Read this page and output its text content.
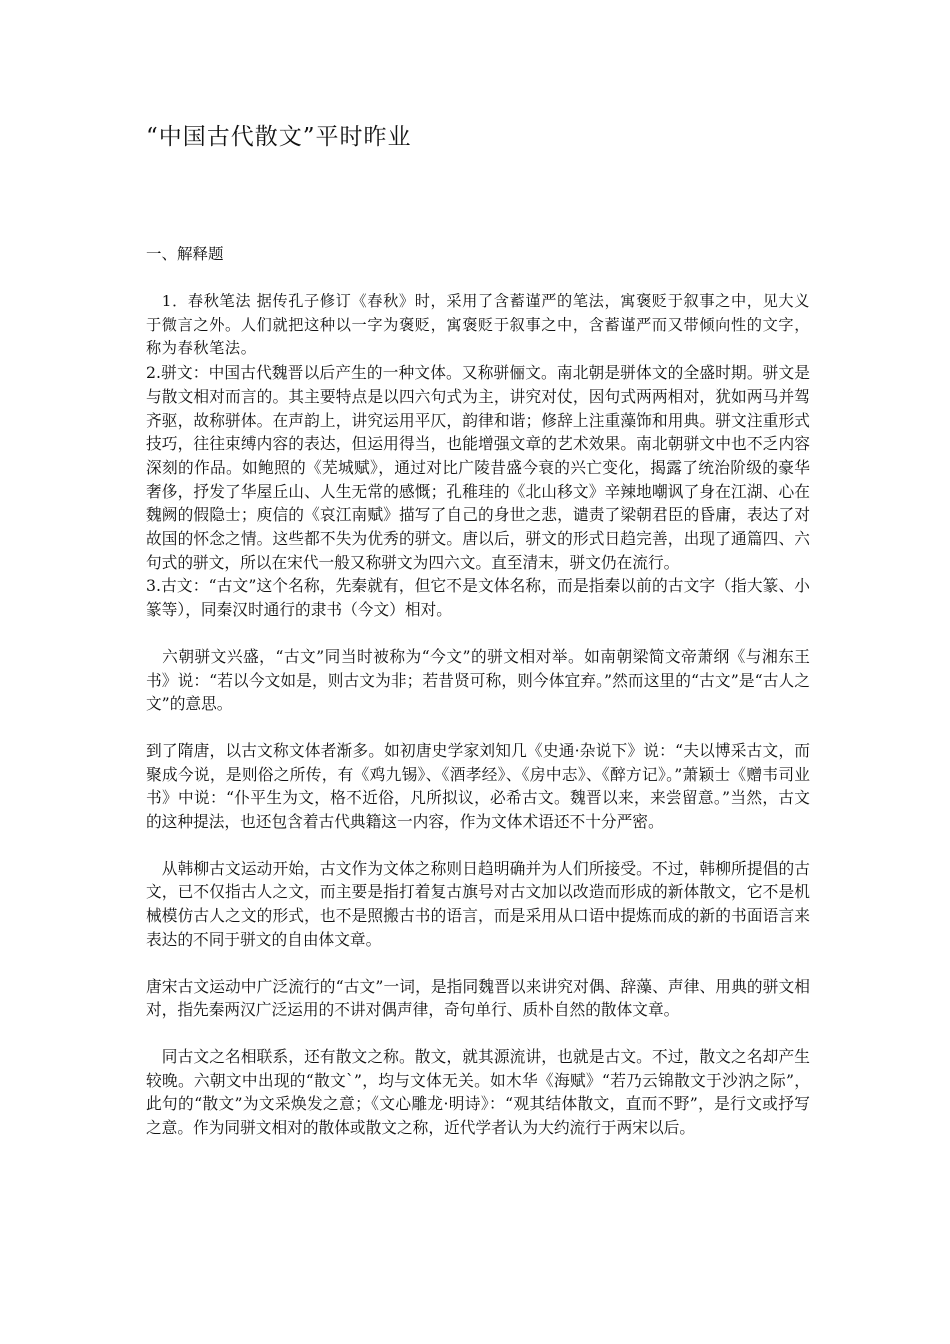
“中国古代散文”平时昨业
一、解释题

　1．春秋笔法 据传孔子修订《春秋》时，采用了含蓄谨严的笔法，寓褒贬于叙事之中，见大义于微言之外。人们就把这种以一字为褒贬，寓褒贬于叙事之中，含蓄谨严而又带倾向性的文字，称为春秋笔法。

2.骈文：中国古代魏晋以后产生的一种文体。又称骈俪文。南北朝是骈体文的全盛时期。骈文是与散文相对而言的。其主要特点是以四六句式为主，讲究对仗，因句式两两相对，犹如两马并驾齐驱，故称骈体。在声韵上，讲究运用平仄，韵律和谐；修辞上注重藻饰和用典。骈文注重形式技巧，往往束缚内容的表达，但运用得当，也能增强文章的艺术效果。南北朝骈文中也不乏内容深刻的作品。如鲍照的《芜城赋》，通过对比广陵昔盛今衰的兴亡变化，揭露了统治阶级的豪华奢侈，抒发了华屋丘山、人生无常的感慨；孔稚珪的《北山移文》辛辣地嘲讽了身在江湖、心在魏阙的假隐士；庾信的《哀江南赋》描写了自己的身世之悲，谴责了梁朝君臣的昏庸，表达了对故国的怀念之情。这些都不失为优秀的骈文。唐以后，骈文的形式日趋完善，出现了通篇四、六句式的骈文，所以在宋代一般又称骈文为四六文。直至清末，骈文仍在流行。

3.古文：“古文”这个名称，先秦就有，但它不是文体名称，而是指秦以前的古文字（指大篆、小篆等），同秦汉时通行的隶书（今文）相对。

　六朝骈文兴盛，“古文”同当时被称为“今文”的骈文相对举。如南朝梁简文帝萧纲《与湘东王书》说：“若以今文如是，则古文为非；若昔贤可称，则今体宜弃。”然而这里的“古文”是“古人之文”的意思。

到了隋唐，以古文称文体者渐多。如初唐史学家刘知几《史通·杂说下》说：“夫以博采古文，而聚成今说，是则俗之所传，有《鸡九锡》、《酒孝经》、《房中志》、《醉方记》。”萧颖士《赠韦司业书》中说：“仆平生为文，格不近俗，凡所拟议，必希古文。魏晋以来，来尝留意。”当然，古文的这种提法，也还包含着古代典籍这一内容，作为文体术语还不十分严密。

　从韩柳古文运动开始，古文作为文体之称则日趋明确并为人们所接受。不过，韩柳所提倡的古文，已不仅指古人之文，而主要是指打着复古旗号对古文加以改造而形成的新体散文，它不是机械模仿古人之文的形式，也不是照搬古书的语言，而是采用从口语中提炼而成的新的书面语言来表达的不同于骈文的自由体文章。

唐宋古文运动中广泛流行的“古文”一词，是指同魏晋以来讲究对偶、辞藻、声律、用典的骈文相对，指先秦两汉广泛运用的不讲对偶声律，奇句单行、质朴自然的散体文章。

　同古文之名相联系，还有散文之称。散文，就其源流讲，也就是古文。不过，散文之名却产生较晚。六朝文中出现的“散文`”，均与文体无关。如木华《海赋》“若乃云锦散文于沙汭之际”，此句的“散文”为文采焕发之意；《文心雕龙·明诗》：“观其结体散文，直而不野”，是行文或抒写之意。作为同骈文相对的散体或散文之称，近代学者认为大约流行于两宋以后。
